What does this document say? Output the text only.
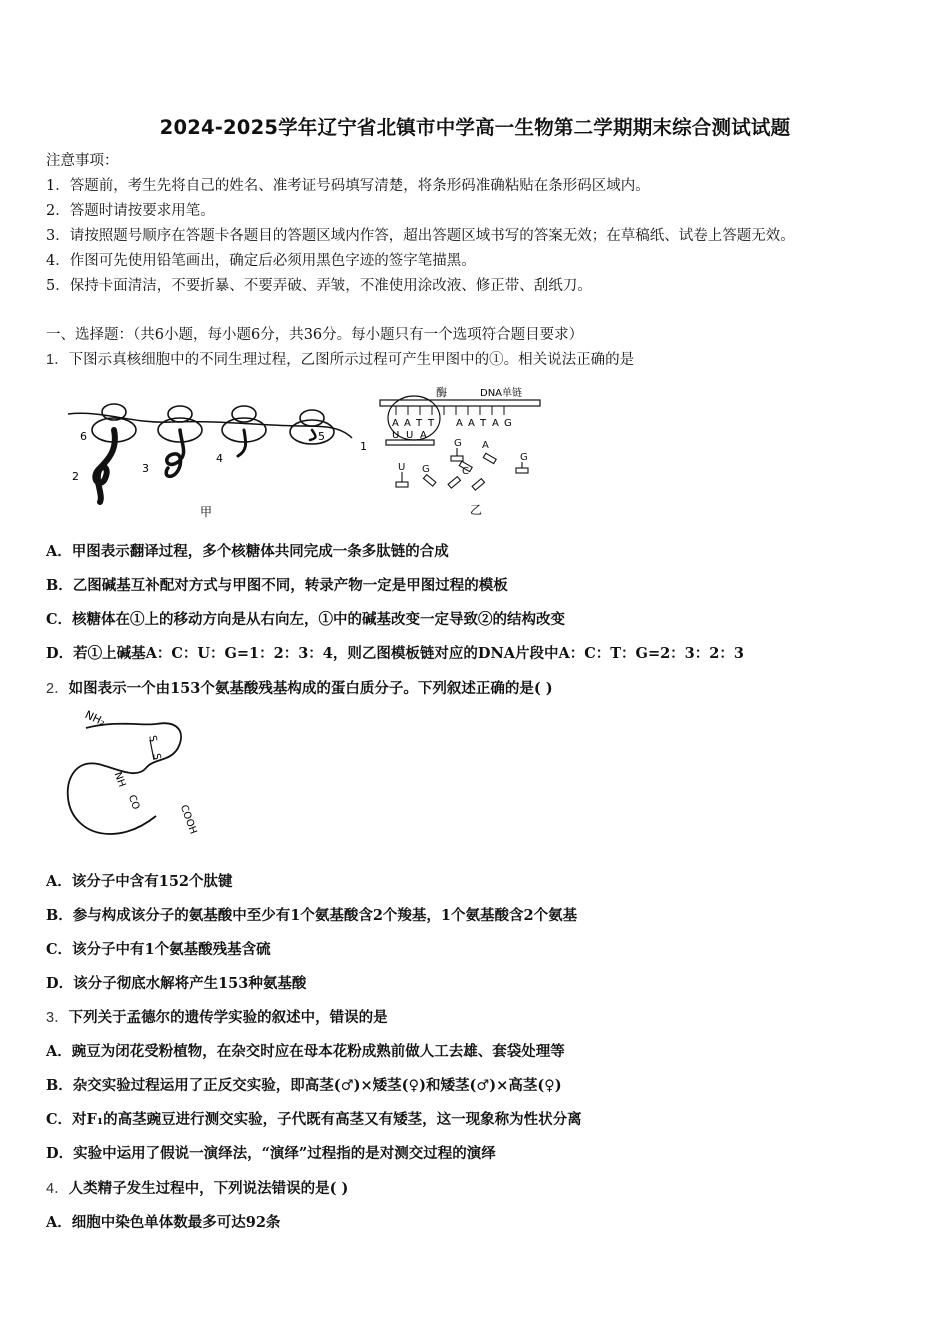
2024-2025学年辽宁省北镇市中学高一生物第二学期期末综合测试试题
注意事项：
1．答题前，考生先将自己的姓名、准考证号码填写清楚，将条形码准确粘贴在条形码区域内。
2．答题时请按要求用笔。
3．请按照题号顺序在答题卡各题目的答题区域内作答，超出答题区域书写的答案无效；在草稿纸、试卷上答题无效。
4．作图可先使用铅笔画出，确定后必须用黑色字迹的签字笔描黑。
5．保持卡面清洁，不要折暴、不要弄破、弄皱，不准使用涂改液、修正带、刮纸刀。
一、选择题：（共6小题，每小题6分，共36分。每小题只有一个选项符合题目要求）
1．下图示真核细胞中的不同生理过程，乙图所示过程可产生甲图中的①。相关说法正确的是
6	5
1
2
3
4
甲
酶	DNA单链
A A T T A A T A G
U U A
G A
G
U G	C
乙
A．甲图表示翻译过程，多个核糖体共同完成一条多肽链的合成
B．乙图碱基互补配对方式与甲图不同，转录产物一定是甲图过程的模板
C．核糖体在①上的移动方向是从右向左，①中的碱基改变一定导致②的结构改变
D．若①上碱基A：C：U：G=1：2：3：4，则乙图模板链对应的DNA片段中A：C：T：G=2：3：2：3
2．如图表示一个由153个氨基酸残基构成的蛋白质分子。下列叙述正确的是( )
NH₂
S
S
NH
CO
COOH
A．该分子中含有152个肽键
B．参与构成该分子的氨基酸中至少有1个氨基酸含2个羧基，1个氨基酸含2个氨基
C．该分子中有1个氨基酸残基含硫
D．该分子彻底水解将产生153种氨基酸
3．下列关于孟德尔的遗传学实验的叙述中，错误的是
A．豌豆为闭花受粉植物，在杂交时应在母本花粉成熟前做人工去雄、套袋处理等
B．杂交实验过程运用了正反交实验，即高茎(♂)×矮茎(♀)和矮茎(♂)×高茎(♀)
C．对F₁的高茎豌豆进行测交实验，子代既有高茎又有矮茎，这一现象称为性状分离
D．实验中运用了假说一演绎法，“演绎”过程指的是对测交过程的演绎
4．人类精子发生过程中，下列说法错误的是( )
A．细胞中染色单体数最多可达92条
